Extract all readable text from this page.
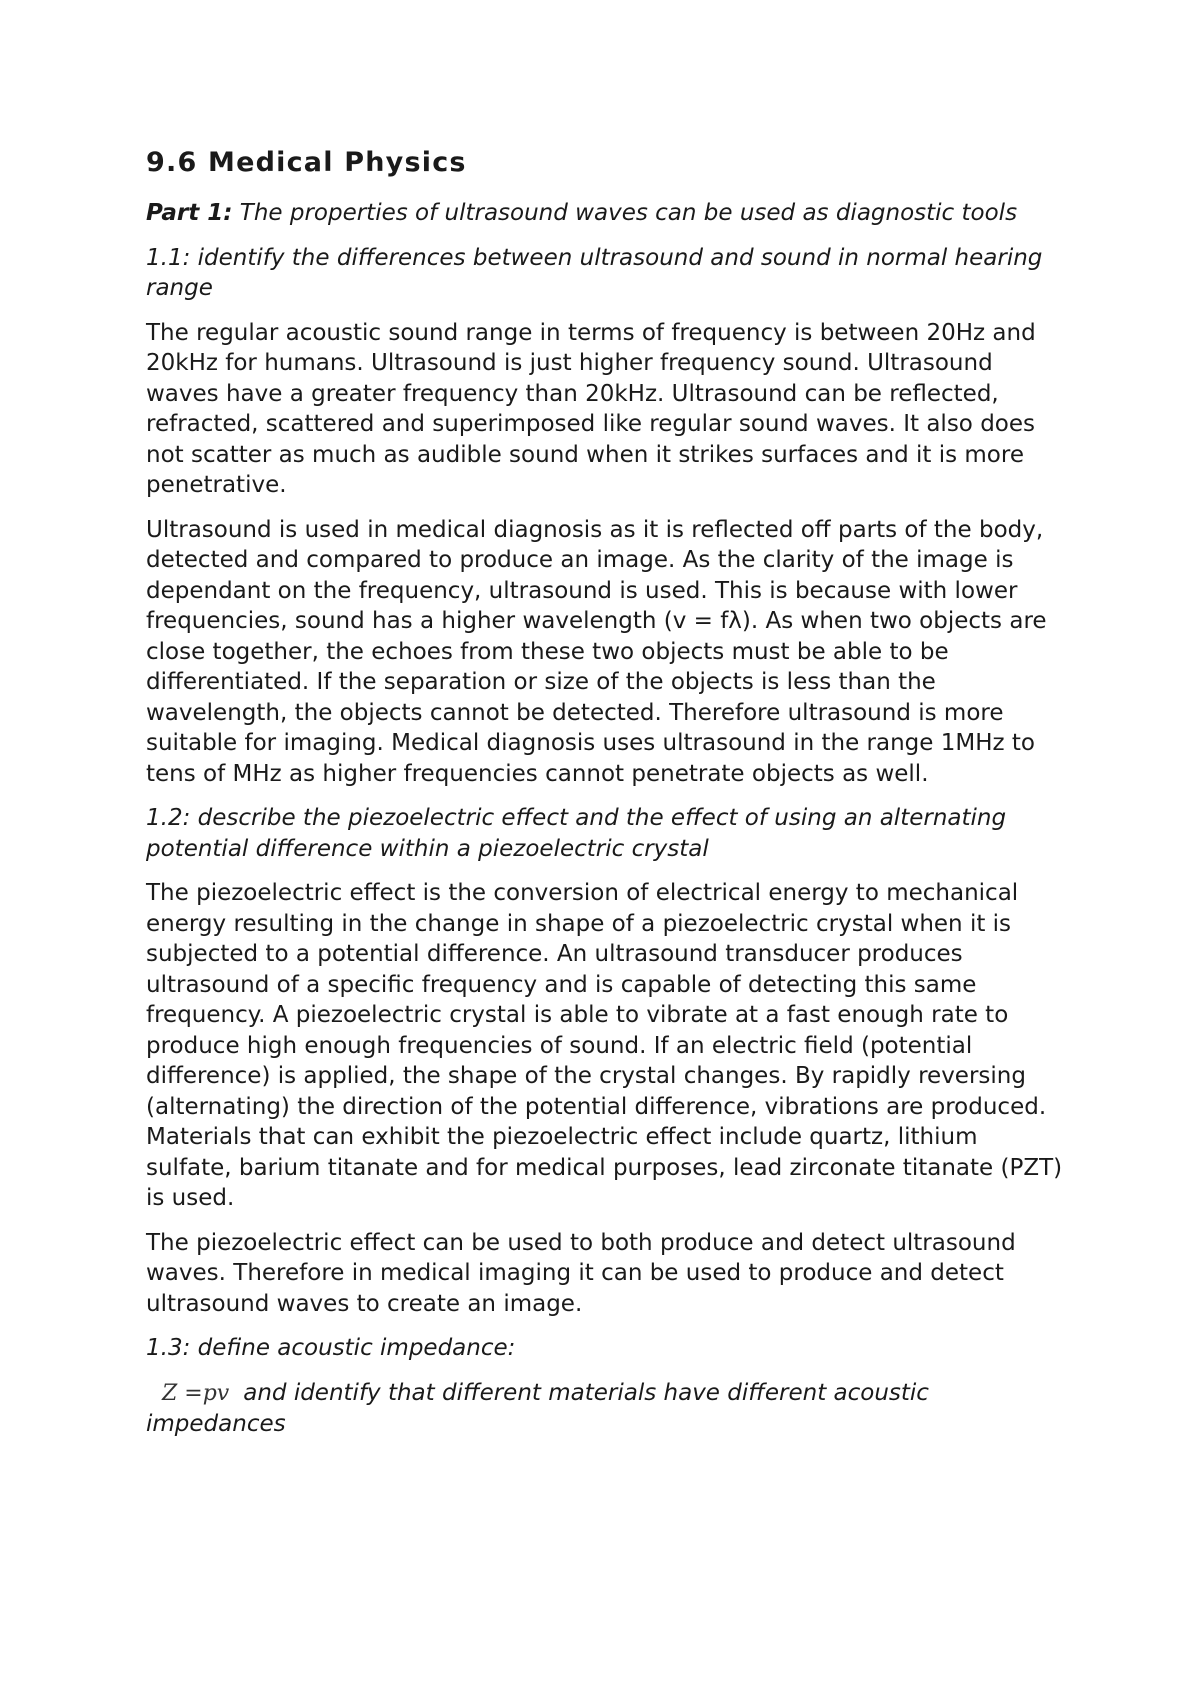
9.6 Medical Physics

Part 1: The properties of ultrasound waves can be used as diagnostic tools

1.1: identify the differences between ultrasound and sound in normal hearing range

The regular acoustic sound range in terms of frequency is between 20Hz and 20kHz for humans. Ultrasound is just higher frequency sound. Ultrasound waves have a greater frequency than 20kHz. Ultrasound can be reflected, refracted, scattered and superimposed like regular sound waves. It also does not scatter as much as audible sound when it strikes surfaces and it is more penetrative.

Ultrasound is used in medical diagnosis as it is reflected off parts of the body, detected and compared to produce an image. As the clarity of the image is dependant on the frequency, ultrasound is used. This is because with lower frequencies, sound has a higher wavelength (v = fλ). As when two objects are close together, the echoes from these two objects must be able to be differentiated. If the separation or size of the objects is less than the wavelength, the objects cannot be detected. Therefore ultrasound is more suitable for imaging. Medical diagnosis uses ultrasound in the range 1MHz to tens of MHz as higher frequencies cannot penetrate objects as well.

1.2: describe the piezoelectric effect and the effect of using an alternating potential difference within a piezoelectric crystal

The piezoelectric effect is the conversion of electrical energy to mechanical energy resulting in the change in shape of a piezoelectric crystal when it is subjected to a potential difference. An ultrasound transducer produces ultrasound of a specific frequency and is capable of detecting this same frequency. A piezoelectric crystal is able to vibrate at a fast enough rate to produce high enough frequencies of sound. If an electric field (potential difference) is applied, the shape of the crystal changes. By rapidly reversing (alternating) the direction of the potential difference, vibrations are produced. Materials that can exhibit the piezoelectric effect include quartz, lithium sulfate, barium titanate and for medical purposes, lead zirconate titanate (PZT) is used.

The piezoelectric effect can be used to both produce and detect ultrasound waves. Therefore in medical imaging it can be used to produce and detect ultrasound waves to create an image.

1.3: define acoustic impedance:

Z =pv and identify that different materials have different acoustic impedances
